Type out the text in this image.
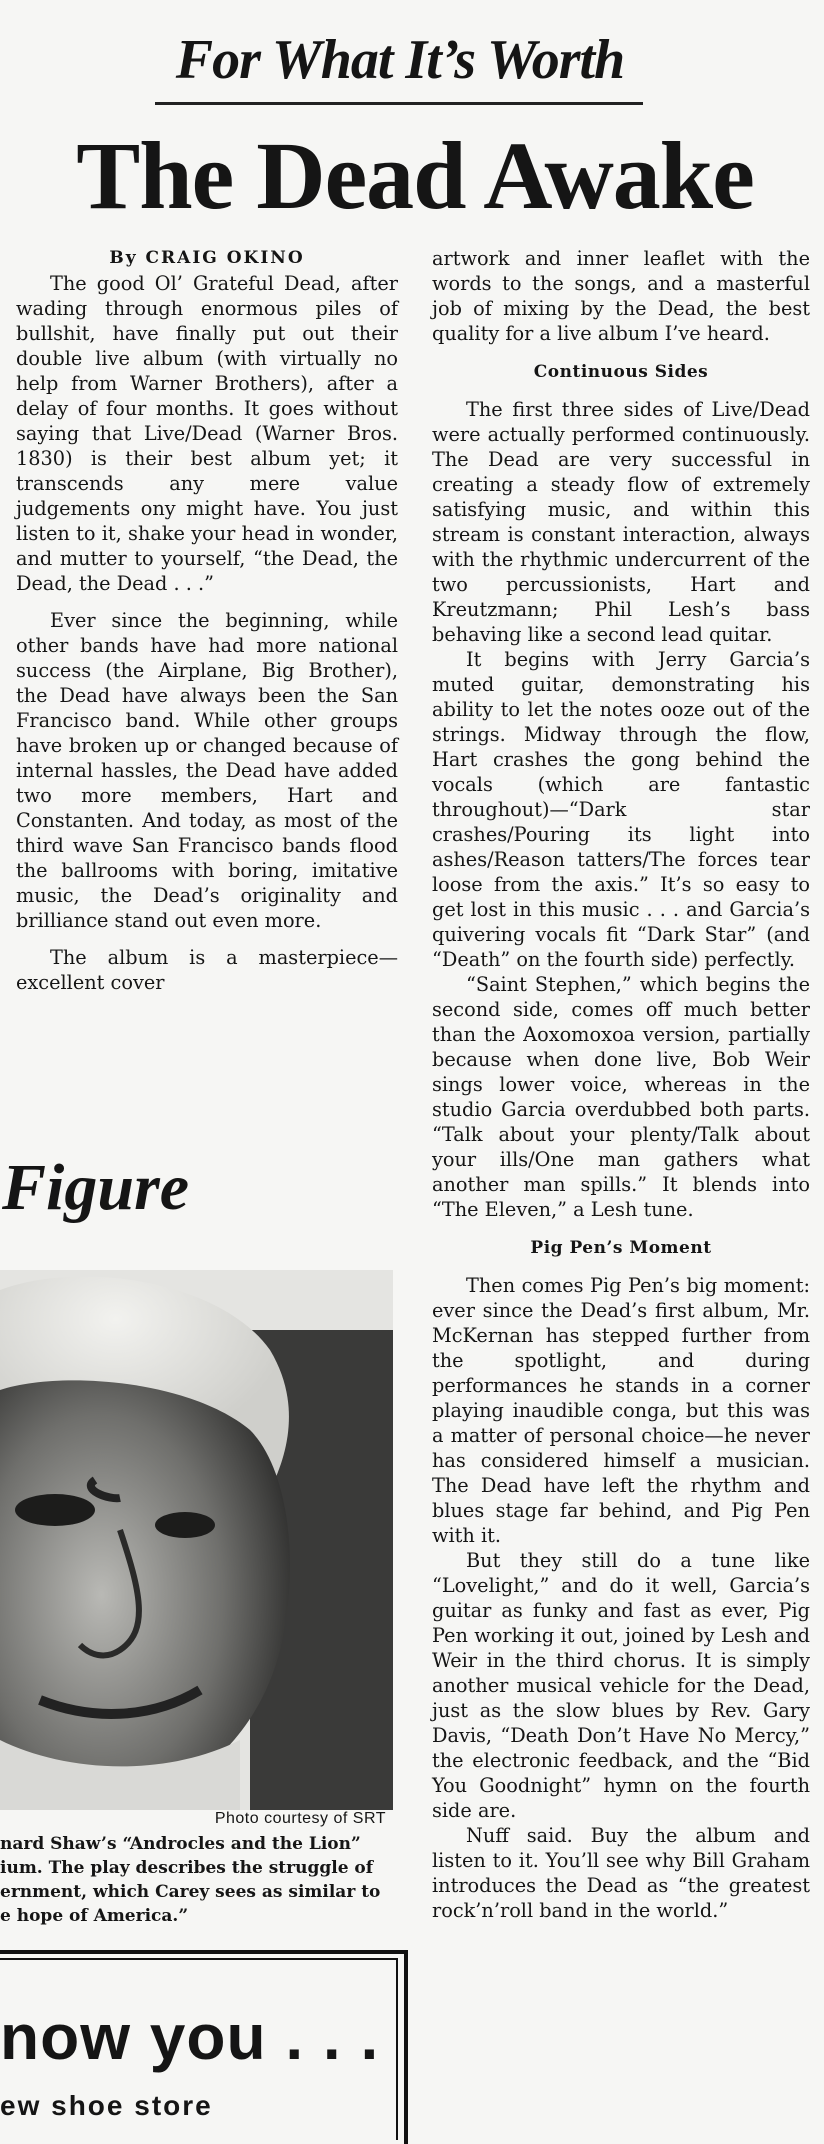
For What It’s Worth
The Dead Awake

By CRAIG OKINO

The good Ol’ Grateful Dead, after wading through enormous piles of bullshit, have finally put out their double live album (with virtually no help from Warner Brothers), after a delay of four months. It goes without saying that Live/Dead (Warner Bros. 1830) is their best album yet; it transcends any mere value judgements ony might have. You just listen to it, shake your head in wonder, and mutter to yourself, “the Dead, the Dead, the Dead . . .”

Ever since the beginning, while other bands have had more national success (the Airplane, Big Brother), the Dead have always been the San Francisco band. While other groups have broken up or changed because of internal hassles, the Dead have added two more members, Hart and Constanten. And today, as most of the third wave San Francisco bands flood the ballrooms with boring, imitative music, the Dead’s originality and brilliance stand out even more.

The album is a masterpiece—excellent cover

artwork and inner leaflet with the words to the songs, and a masterful job of mixing by the Dead, the best quality for a live album I’ve heard.

Continuous Sides

The first three sides of Live/Dead were actually performed continuously. The Dead are very successful in creating a steady flow of extremely satisfying music, and within this stream is constant interaction, always with the rhythmic undercurrent of the two percussionists, Hart and Kreutzmann; Phil Lesh’s bass behaving like a second lead quitar.

It begins with Jerry Garcia’s muted guitar, demonstrating his ability to let the notes ooze out of the strings. Midway through the flow, Hart crashes the gong behind the vocals (which are fantastic throughout)—“Dark star crashes/Pouring its light into ashes/Reason tatters/The forces tear loose from the axis.” It’s so easy to get lost in this music . . . and Garcia’s quivering vocals fit “Dark Star” (and “Death” on the fourth side) perfectly.

“Saint Stephen,” which begins the second side, comes off much better than the Aoxomoxoa version, partially because when done live, Bob Weir sings lower voice, whereas in the studio Garcia overdubbed both parts. “Talk about your plenty/Talk about your ills/One man gathers what another man spills.” It blends into “The Eleven,” a Lesh tune.

Pig Pen’s Moment

Then comes Pig Pen’s big moment: ever since the Dead’s first album, Mr. McKernan has stepped further from the spotlight, and during performances he stands in a corner playing inaudible conga, but this was a matter of personal choice—he never has considered himself a musician. The Dead have left the rhythm and blues stage far behind, and Pig Pen with it.

But they still do a tune like “Lovelight,” and do it well, Garcia’s guitar as funky and fast as ever, Pig Pen working it out, joined by Lesh and Weir in the third chorus. It is simply another musical vehicle for the Dead, just as the slow blues by Rev. Gary Davis, “Death Don’t Have No Mercy,” the electronic feedback, and the “Bid You Goodnight” hymn on the fourth side are.

Nuff said. Buy the album and listen to it. You’ll see why Bill Graham introduces the Dead as “the greatest rock’n’roll band in the world.”

Figure
Photo courtesy of SRT
nard Shaw’s “Androcles and the Lion”
ium. The play describes the struggle of
ernment, which Carey sees as similar to
e hope of America.”
now you . . .
ew shoe store
